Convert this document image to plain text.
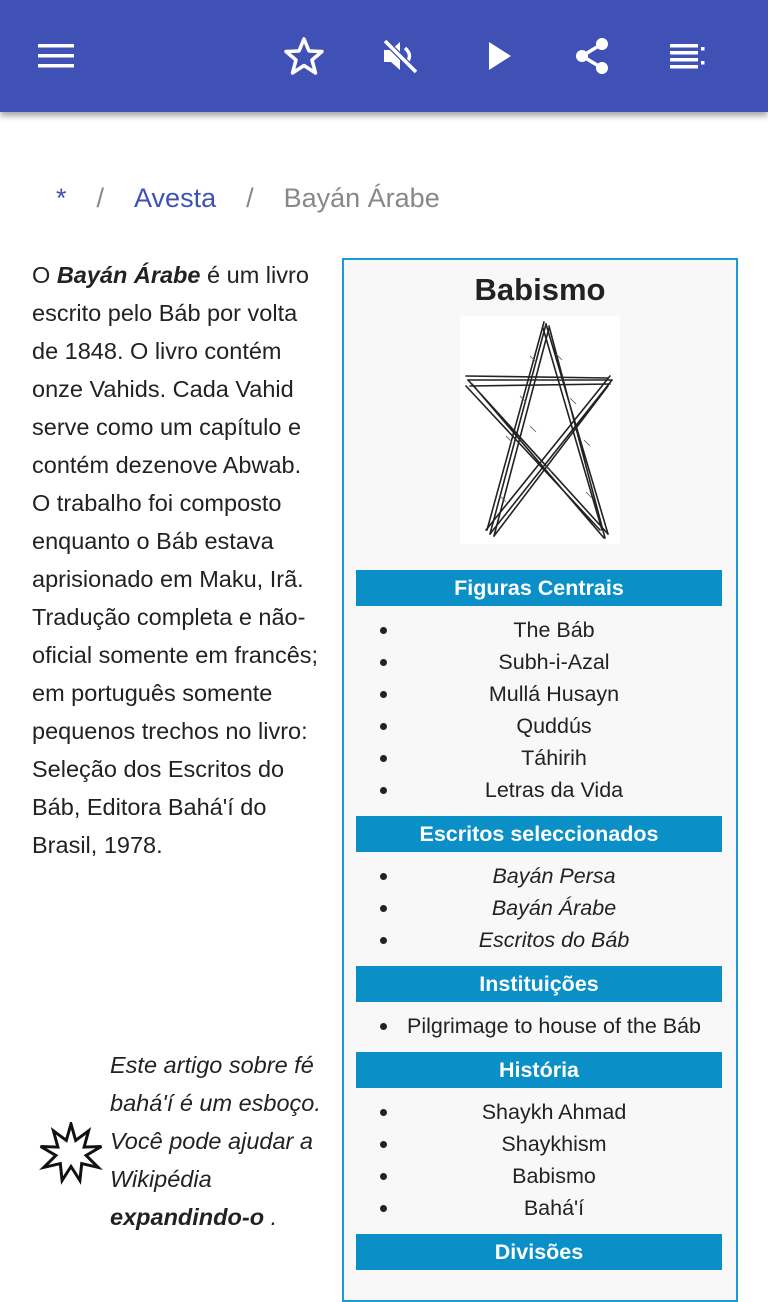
* / Avesta / Bayán Árabe
O Bayán Árabe é um livro escrito pelo Báb por volta de 1848. O livro contém onze Vahids. Cada Vahid serve como um capítulo e contém dezenove Abwab. O trabalho foi composto enquanto o Báb estava aprisionado em Maku, Irã. Tradução completa e não-oficial somente em francês; em português somente pequenos trechos no livro: Seleção dos Escritos do Báb, Editora Bahá'í do Brasil, 1978.
Este artigo sobre fé bahá'í é um esboço. Você pode ajudar a Wikipédia expandindo-o .
Babismo
Figuras Centrais
The Báb
Subh-i-Azal
Mullá Husayn
Quddús
Táhirih
Letras da Vida
Escritos seleccionados
Bayán Persa
Bayán Árabe
Escritos do Báb
Instituições
Pilgrimage to house of the Báb
História
Shaykh Ahmad
Shaykhism
Babismo
Bahá'í
Divisões
